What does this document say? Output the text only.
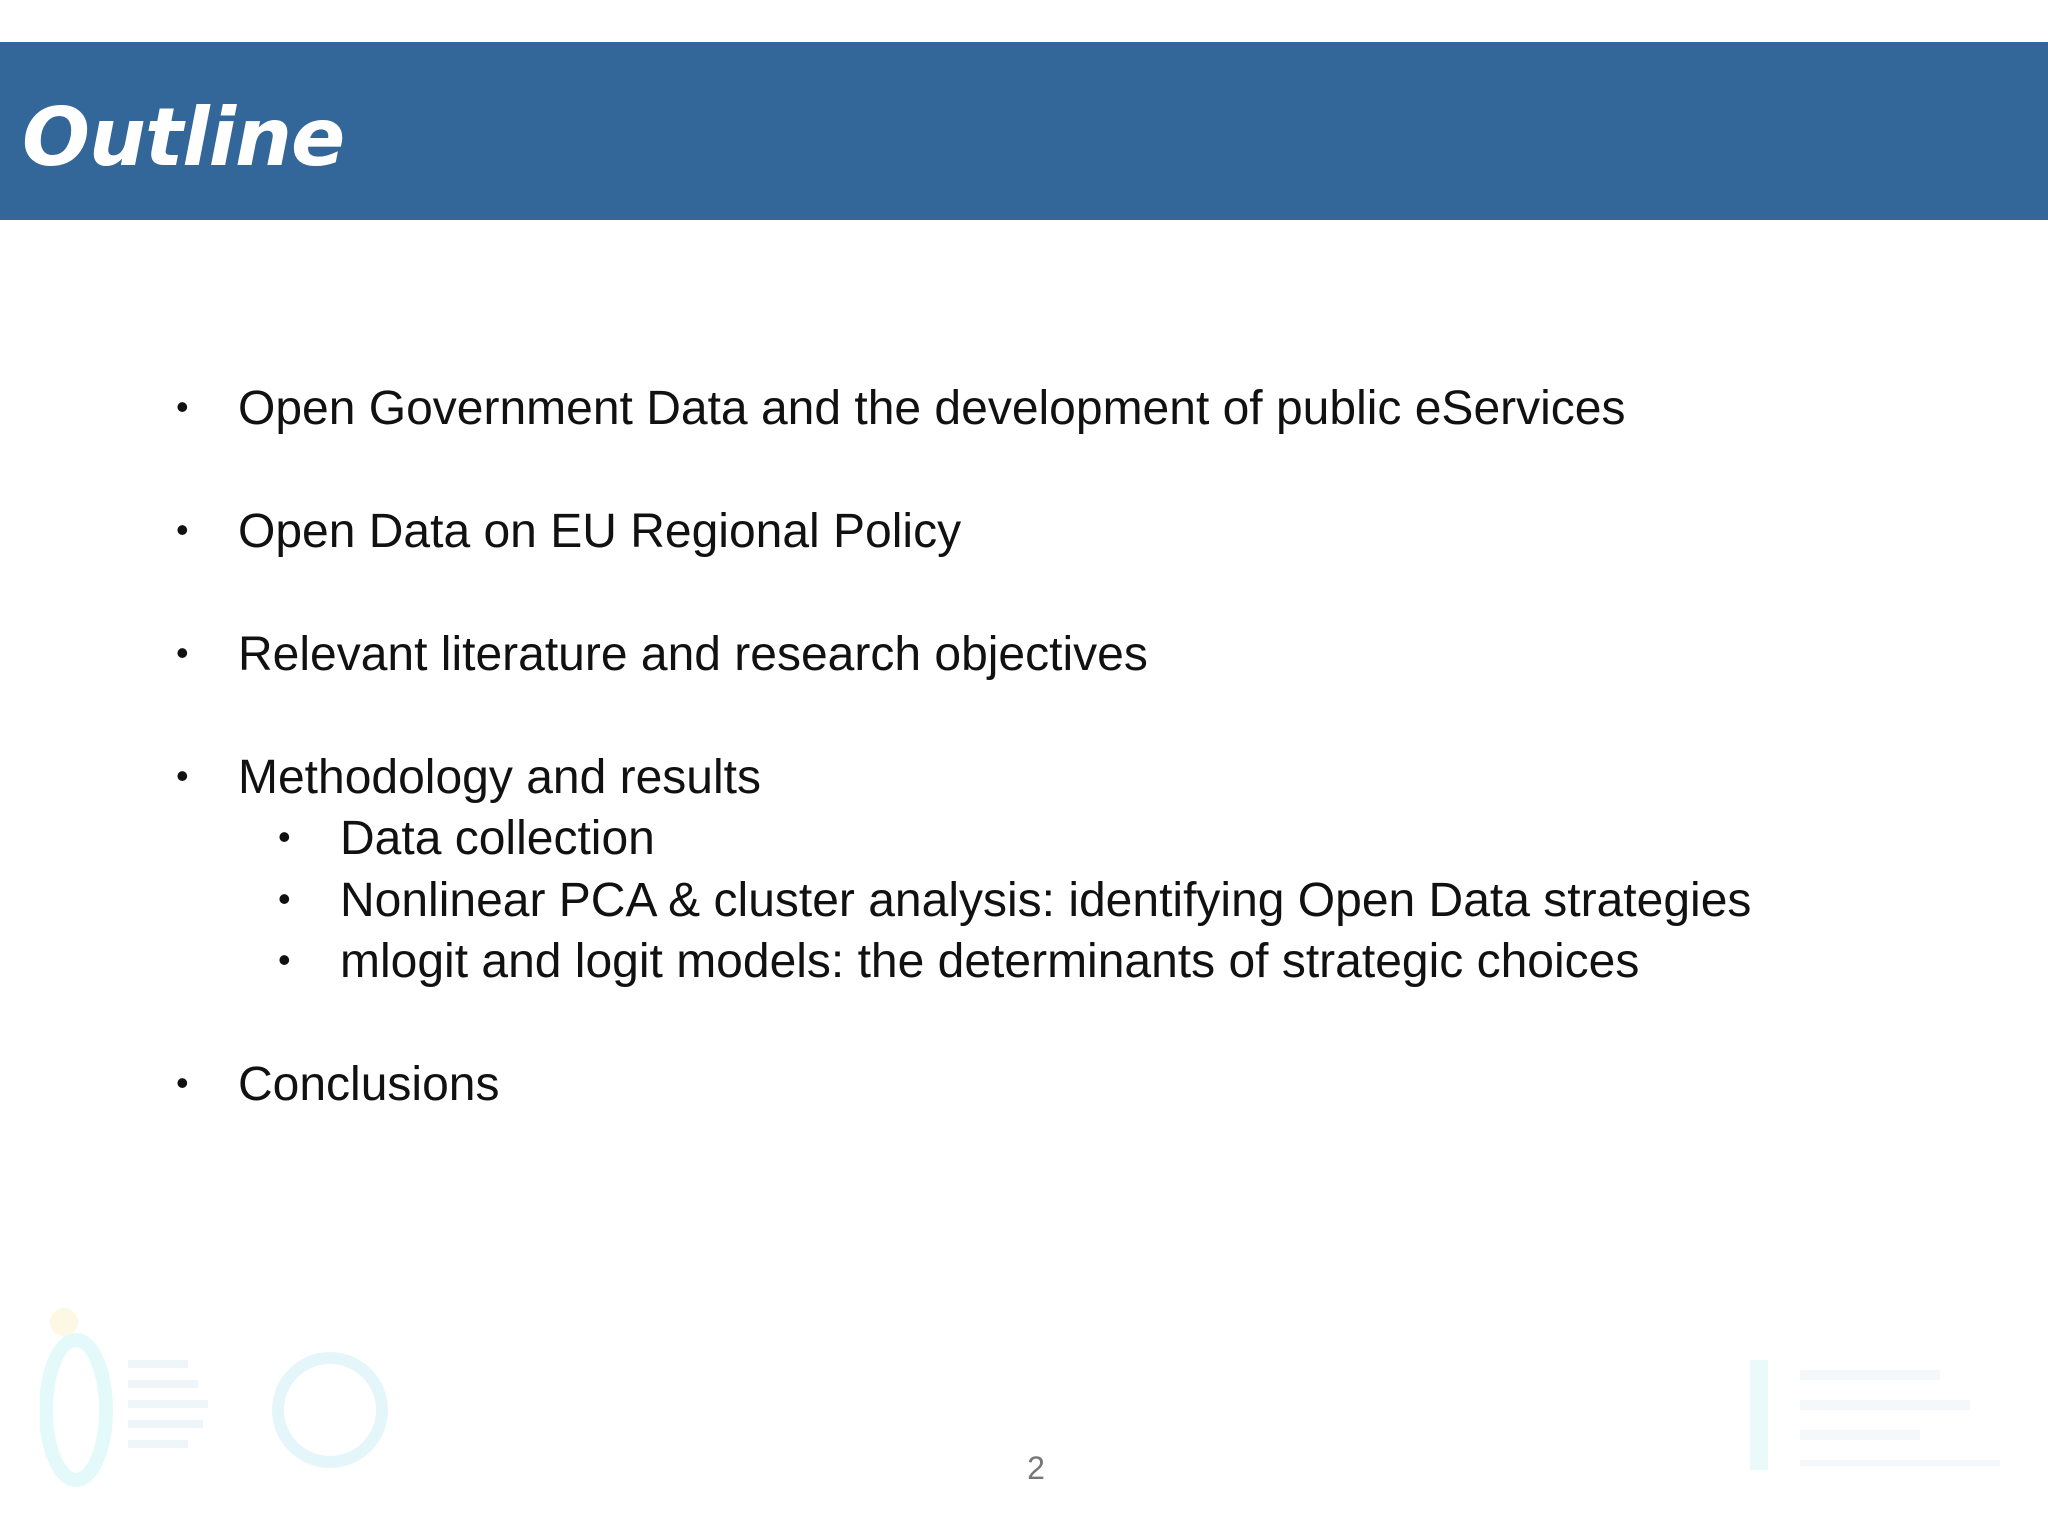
Outline
• Open Government Data and the development of public eServices
• Open Data on EU Regional Policy
• Relevant literature and research objectives
• Methodology and results
• Data collection
• Nonlinear PCA & cluster analysis: identifying Open Data strategies
• mlogit and logit models: the determinants of strategic choices
• Conclusions
2
